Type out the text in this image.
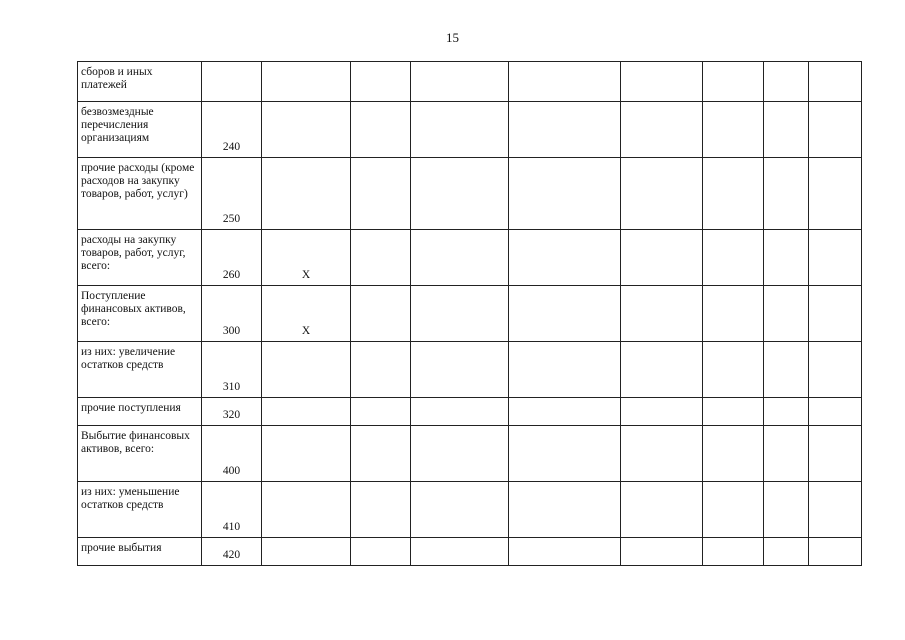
15
сборов и иных платежей									

безвозмездные перечисления организациям	240								

прочие расходы (кроме расходов на закупку товаров, работ, услуг)	250								

расходы на закупку товаров, работ, услуг, всего:	260	X							

Поступление финансовых активов, всего:	300	X							

из них: увеличение остатков средств	310								

прочие поступления	320								

Выбытие финансовых активов, всего:	400								

из них: уменьшение остатков средств	410								

прочие выбытия	420								
